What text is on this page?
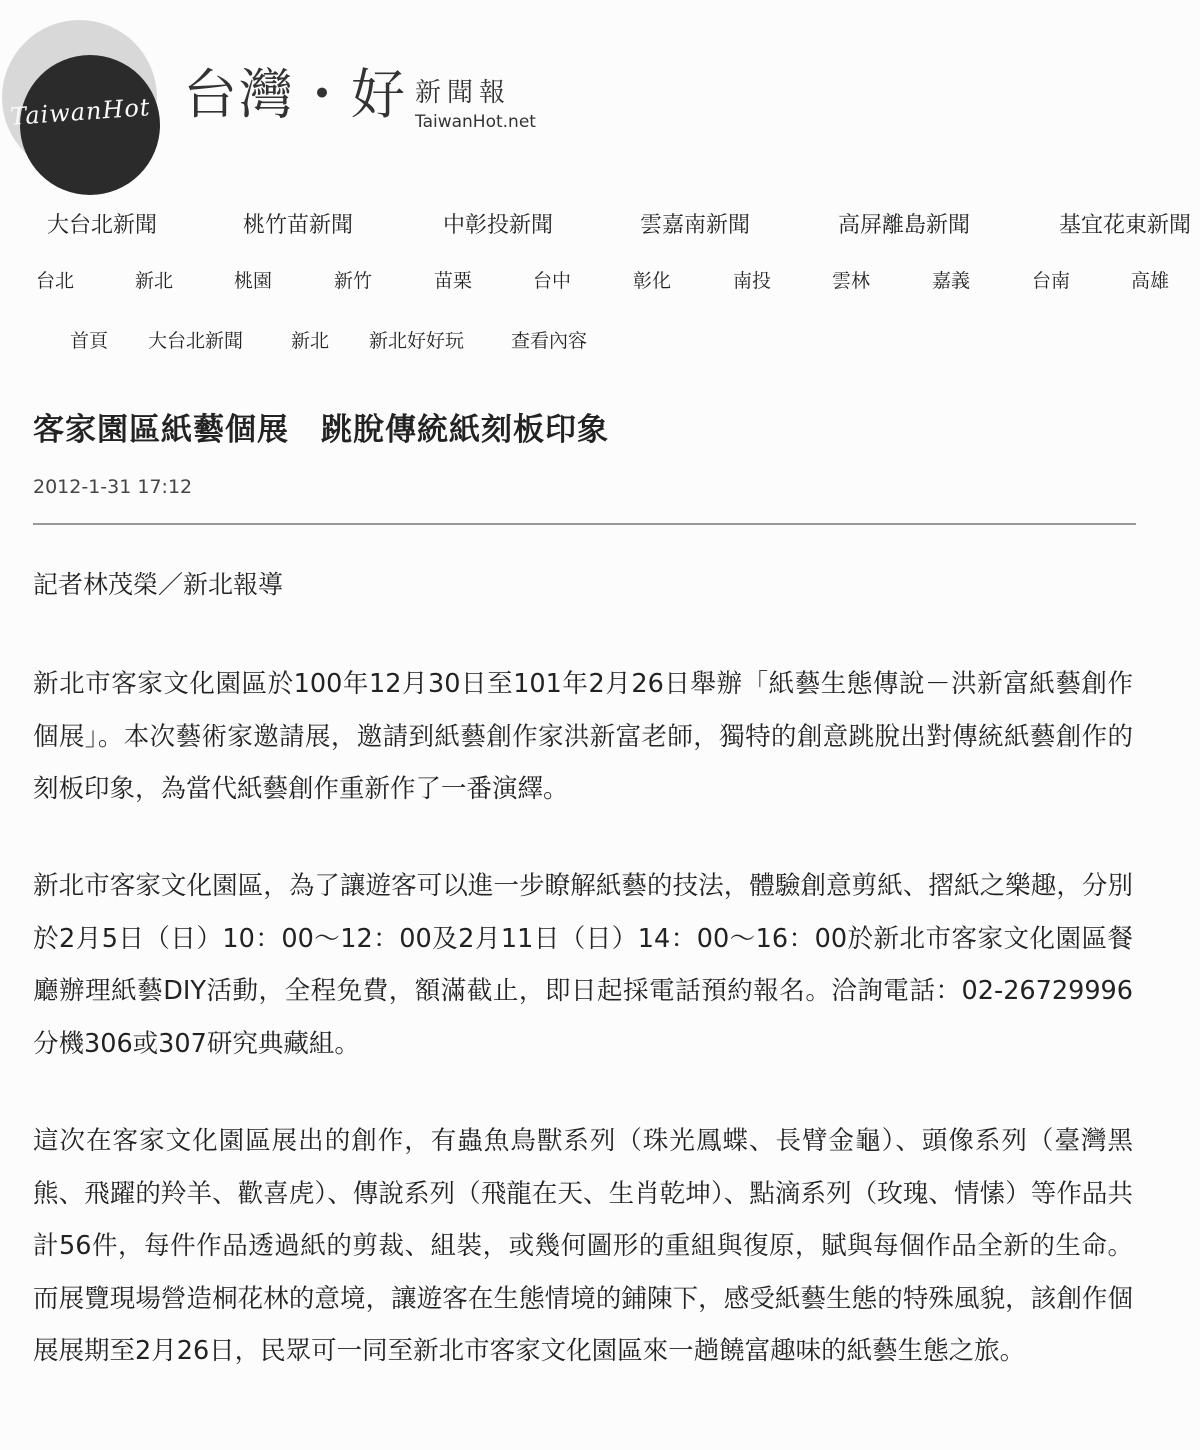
TaiwanHot 台灣・好 新聞報
TaiwanHot.net
大台北新聞	桃竹苗新聞	中彰投新聞	雲嘉南新聞	高屏離島新聞	基宜花東新聞
台北	新北	桃園	新竹	苗栗	台中	彰化	南投	雲林	嘉義	台南	高雄
首頁 大台北新聞	新北 新北好好玩 查看內容
客家園區紙藝個展　跳脫傳統紙刻板印象
2012-1-31 17:12
記者林茂榮／新北報導
新北市客家文化園區於100年12月30日至101年2月26日舉辦「紙藝生態傳說－洪新富紙藝創作個展」。本次藝術家邀請展，邀請到紙藝創作家洪新富老師，獨特的創意跳脫出對傳統紙藝創作的刻板印象，為當代紙藝創作重新作了一番演繹。
新北市客家文化園區，為了讓遊客可以進一步瞭解紙藝的技法，體驗創意剪紙、摺紙之樂趣，分別於2月5日（日）10：00～12：00及2月11日（日）14：00～16：00於新北市客家文化園區餐廳辦理紙藝DIY活動，全程免費，額滿截止，即日起採電話預約報名。洽詢電話：02-26729996分機306或307研究典藏組。
這次在客家文化園區展出的創作，有蟲魚鳥獸系列（珠光鳳蝶、長臂金龜）、頭像系列（臺灣黑熊、飛躍的羚羊、歡喜虎）、傳說系列（飛龍在天、生肖乾坤）、點滴系列（玫瑰、情愫）等作品共計56件，每件作品透過紙的剪裁、組裝，或幾何圖形的重組與復原，賦與每個作品全新的生命。而展覽現場營造桐花林的意境，讓遊客在生態情境的鋪陳下，感受紙藝生態的特殊風貌，該創作個展展期至2月26日，民眾可一同至新北市客家文化園區來一趟饒富趣味的紙藝生態之旅。
